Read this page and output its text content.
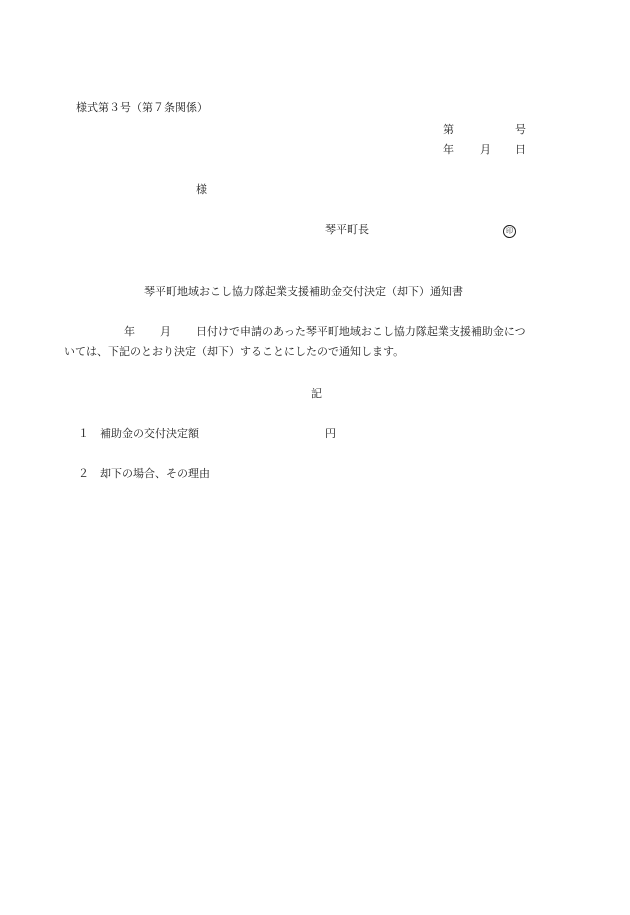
様式第３号（第７条関係）
第	号
年 月 日
様
琴平町長	印
琴平町地域おこし協力隊起業支援補助金交付決定（却下）通知書
年 月 日付けで申請のあった琴平町地域おこし協力隊起業支援補助金につ
いては、下記のとおり決定（却下）することにしたので通知します。
記
１ 補助金の交付決定額	円
２ 却下の場合、その理由
